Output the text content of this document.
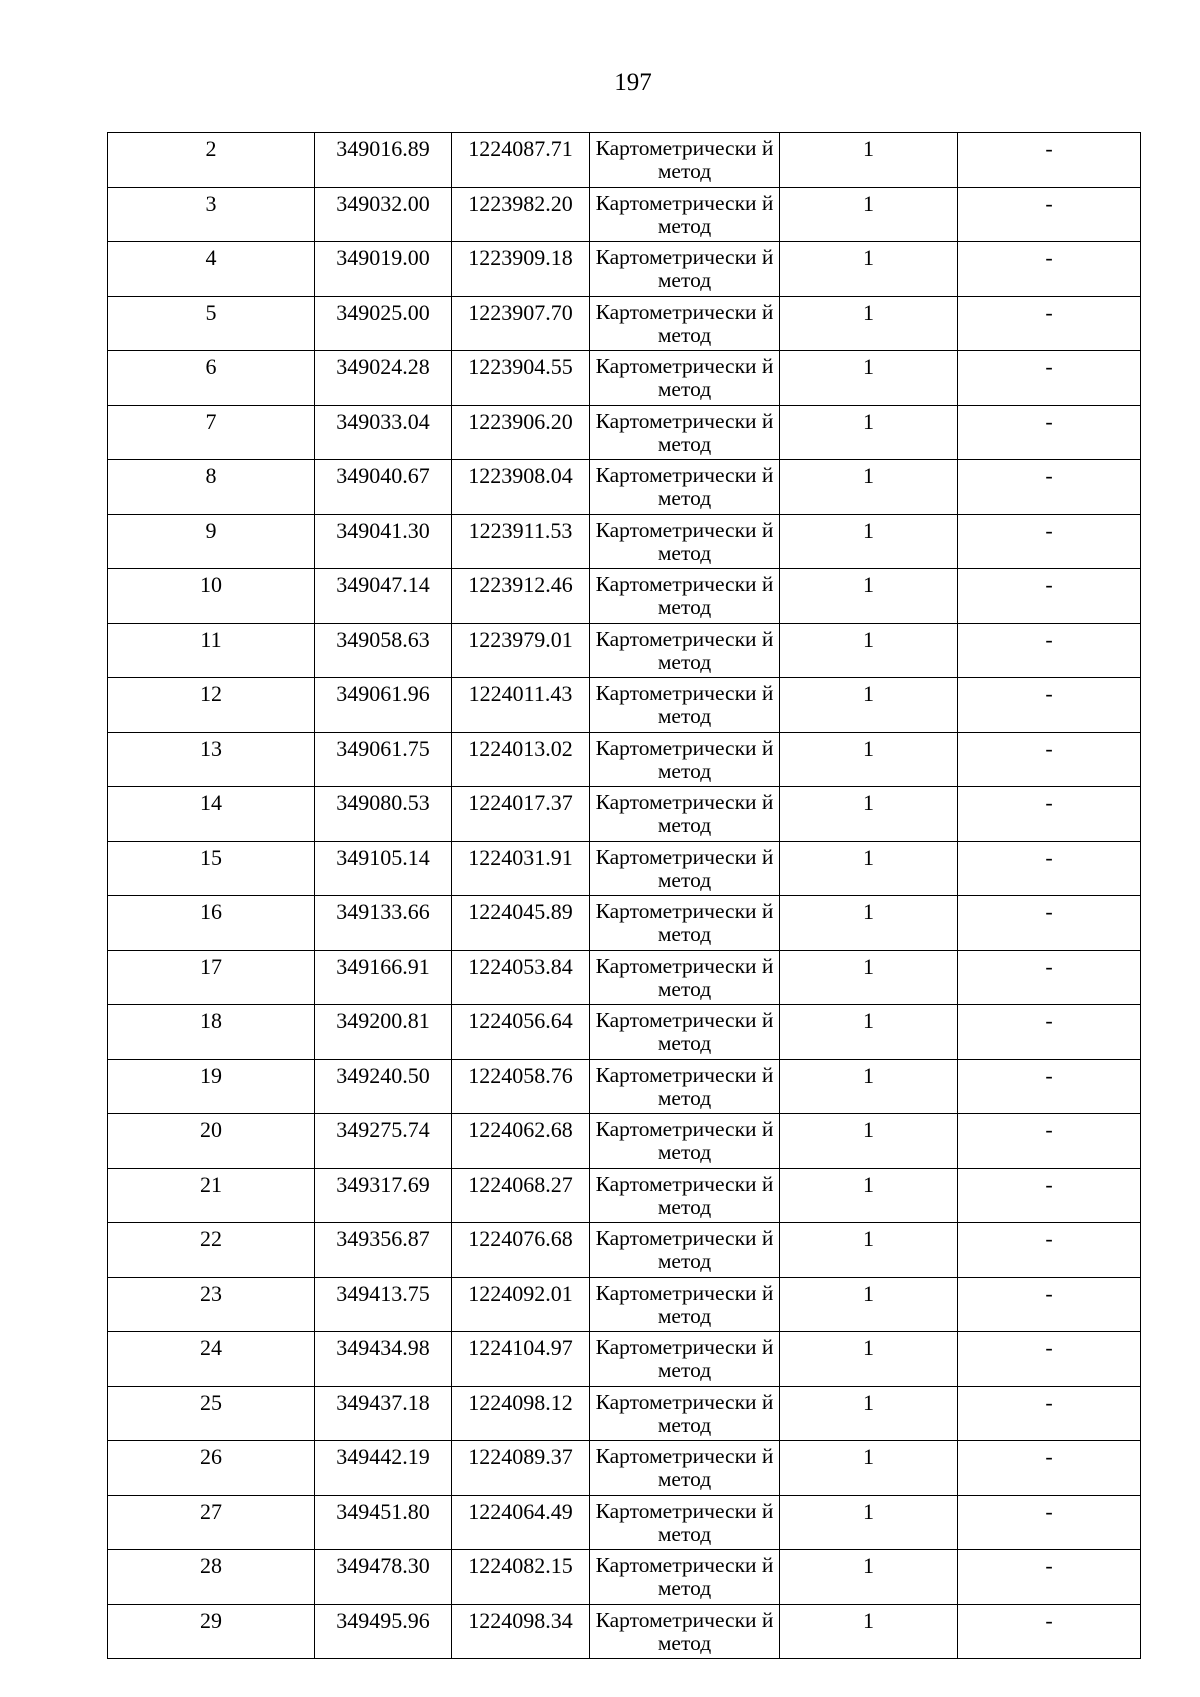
197
2	349016.89	1224087.71	Картометрически й метод	1	-
3	349032.00	1223982.20	Картометрически й метод	1	-
4	349019.00	1223909.18	Картометрически й метод	1	-
5	349025.00	1223907.70	Картометрически й метод	1	-
6	349024.28	1223904.55	Картометрически й метод	1	-
7	349033.04	1223906.20	Картометрически й метод	1	-
8	349040.67	1223908.04	Картометрически й метод	1	-
9	349041.30	1223911.53	Картометрически й метод	1	-
10	349047.14	1223912.46	Картометрически й метод	1	-
11	349058.63	1223979.01	Картометрически й метод	1	-
12	349061.96	1224011.43	Картометрически й метод	1	-
13	349061.75	1224013.02	Картометрически й метод	1	-
14	349080.53	1224017.37	Картометрически й метод	1	-
15	349105.14	1224031.91	Картометрически й метод	1	-
16	349133.66	1224045.89	Картометрически й метод	1	-
17	349166.91	1224053.84	Картометрически й метод	1	-
18	349200.81	1224056.64	Картометрически й метод	1	-
19	349240.50	1224058.76	Картометрически й метод	1	-
20	349275.74	1224062.68	Картометрически й метод	1	-
21	349317.69	1224068.27	Картометрически й метод	1	-
22	349356.87	1224076.68	Картометрически й метод	1	-
23	349413.75	1224092.01	Картометрически й метод	1	-
24	349434.98	1224104.97	Картометрически й метод	1	-
25	349437.18	1224098.12	Картометрически й метод	1	-
26	349442.19	1224089.37	Картометрически й метод	1	-
27	349451.80	1224064.49	Картометрически й метод	1	-
28	349478.30	1224082.15	Картометрически й метод	1	-
29	349495.96	1224098.34	Картометрически й метод	1	-
